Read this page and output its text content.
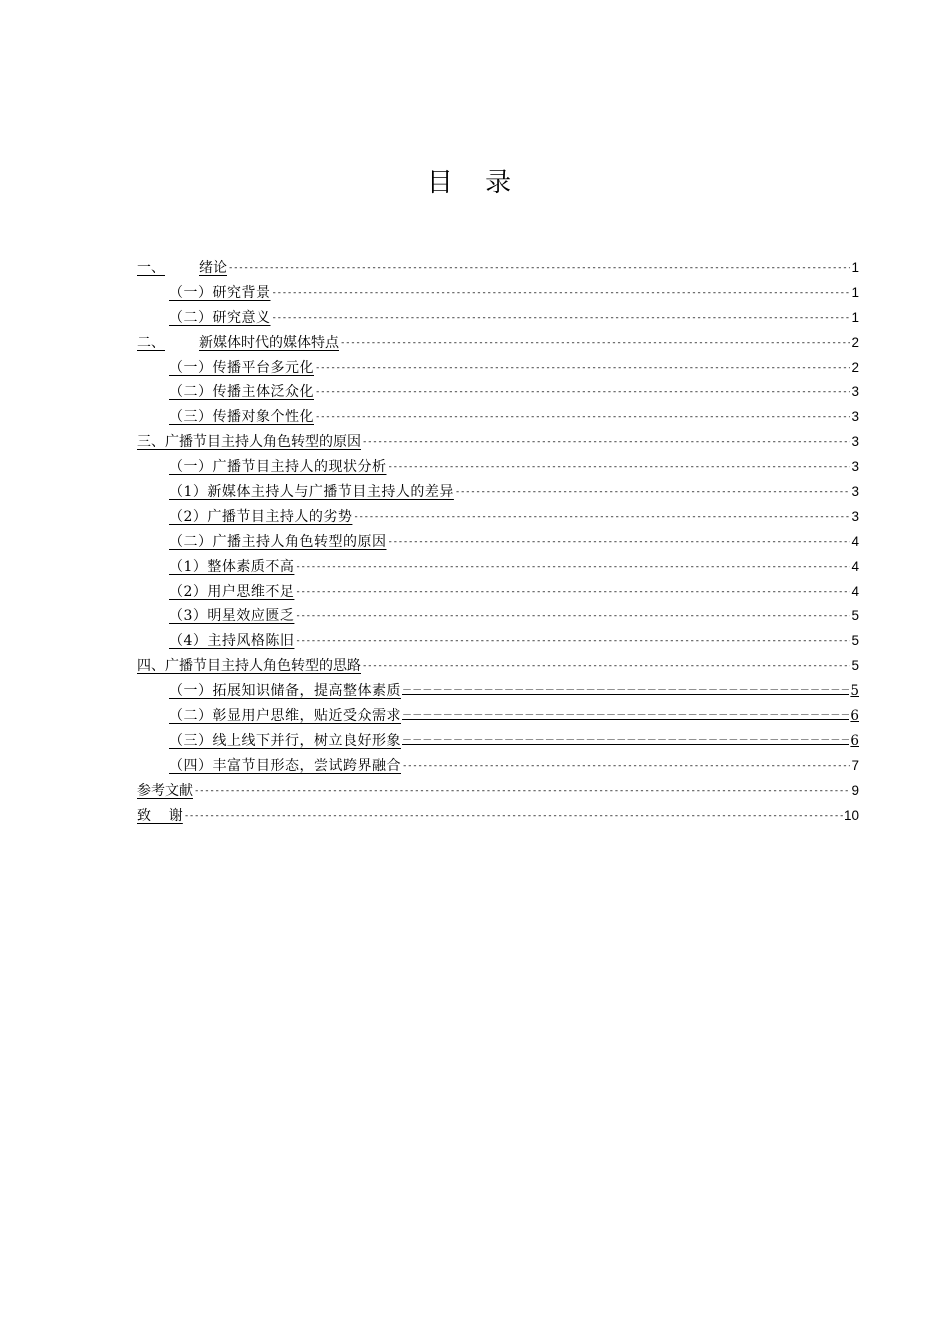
目 录
一、 绪论 -----	1
（一）研究背景 -----	1
（二）研究意义 -----	1
二、 新媒体时代的媒体特点 -----	2
（一）传播平台多元化 -----	2
（二）传播主体泛众化 -----	3
（三）传播对象个性化 -----	3
三、广播节目主持人角色转型的原因 -----	3
（一）广播节目主持人的现状分析 -----	3
（1）新媒体主持人与广播节目主持人的差异 -----	3
（2）广播节目主持人的劣势 -----	3
（二）广播主持人角色转型的原因 -----	4
（1）整体素质不高 -----	4
（2）用户思维不足 -----	4
（3）明星效应匮乏 -----	5
（4）主持风格陈旧 -----	5
四、广播节目主持人角色转型的思路 -----	5
（一）拓展知识储备，提高整体素质 －－－－－－－－－－－－－－－－－－－－－－－－－－－－－－－－－－－－－－－－－－－－－－－－－－－－－－－－－－－－－－－－－－－－－	5
（二）彰显用户思维，贴近受众需求 －－－－－－－－－－－－－－－－－－－－－－－－－－－－－－－－－－－－－－－－－－－－－－－－－－－－－－－－－－－－－－－－－－－－－	6
（三）线上线下并行，树立良好形象 －－－－－－－－－－－－－－－－－－－－－－－－－－－－－－－－－－－－－－－－－－－－－－－－－－－－－－－－－－－－－－－－－－－－－	6
（四）丰富节目形态，尝试跨界融合 -----	7
参考文献 -----	9
致    谢 -----	10
